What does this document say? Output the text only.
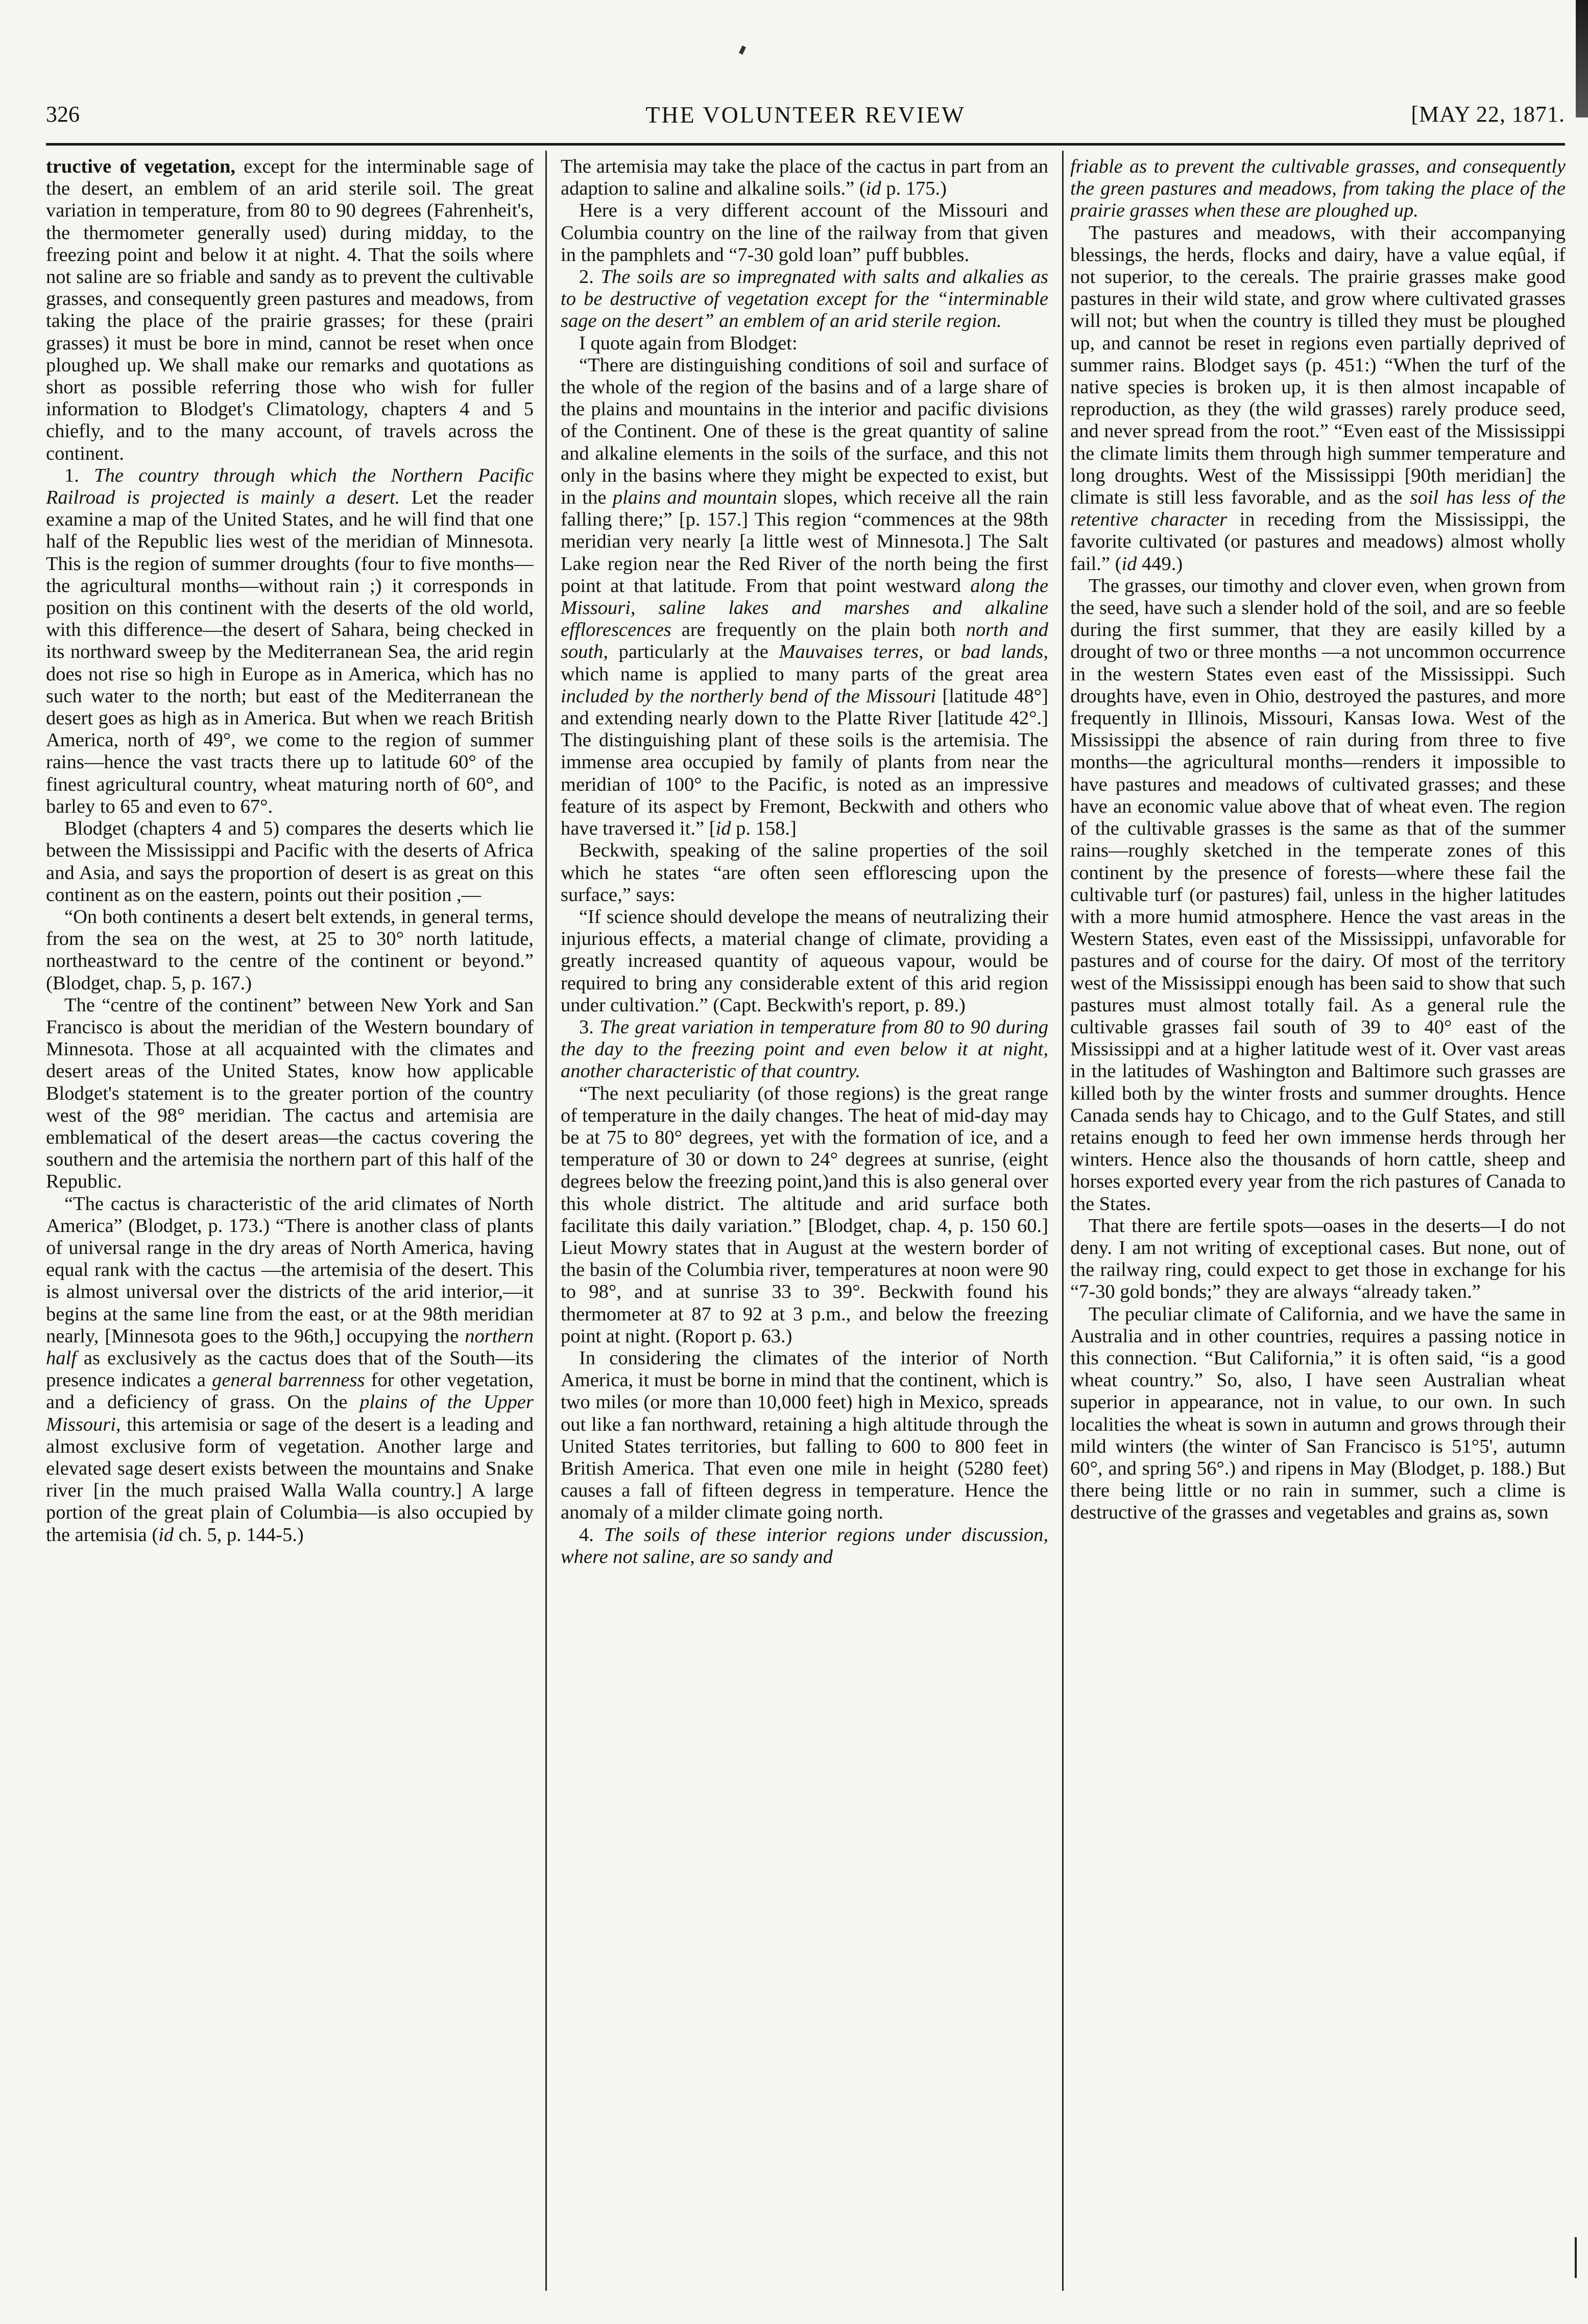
326	THE VOLUNTEER REVIEW	[MAY 22, 1871.

tructive of vegetation, except for the interminable sage of the desert, an emblem of an arid sterile soil. The great variation in temperature, from 80 to 90 degrees (Fahrenheit's, the thermometer generally used) during midday, to the freezing point and below it at night. 4. That the soils where not saline are so friable and sandy as to prevent the cultivable grasses, and consequently green pastures and meadows, from taking the place of the prairie grasses; for these (prairi grasses) it must be bore in mind, cannot be reset when once ploughed up. We shall make our remarks and quotations as short as possible referring those who wish for fuller information to Blodget's Climatology, chapters 4 and 5 chiefly, and to the many account, of travels across the continent.

1. The country through which the Northern Pacific Railroad is projected is mainly a desert. Let the reader examine a map of the United States, and he will find that one half of the Republic lies west of the meridian of Minnesota. This is the region of summer droughts (four to five months—the agricultural months—without rain ;) it corresponds in position on this continent with the deserts of the old world, with this difference—the desert of Sahara, being checked in its northward sweep by the Mediterranean Sea, the arid regin does not rise so high in Europe as in America, which has no such water to the north; but east of the Mediterranean the desert goes as high as in America. But when we reach British America, north of 49°, we come to the region of summer rains—hence the vast tracts there up to latitude 60° of the finest agricultural country, wheat maturing north of 60°, and barley to 65 and even to 67°.

Blodget (chapters 4 and 5) compares the deserts which lie between the Mississippi and Pacific with the deserts of Africa and Asia, and says the proportion of desert is as great on this continent as on the eastern, points out their position ,—

“On both continents a desert belt extends, in general terms, from the sea on the west, at 25 to 30° north latitude, northeastward to the centre of the continent or beyond.” (Blodget, chap. 5, p. 167.)

The “centre of the continent” between New York and San Francisco is about the meridian of the Western boundary of Minnesota. Those at all acquainted with the climates and desert areas of the United States, know how applicable Blodget's statement is to the greater portion of the country west of the 98° meridian. The cactus and artemisia are emblematical of the desert areas—the cactus covering the southern and the artemisia the northern part of this half of the Republic.

“The cactus is characteristic of the arid climates of North America” (Blodget, p. 173.) “There is another class of plants of universal range in the dry areas of North America, having equal rank with the cactus —the artemisia of the desert. This is almost universal over the districts of the arid interior,—it begins at the same line from the east, or at the 98th meridian nearly, [Minnesota goes to the 96th,] occupying the northern half as exclusively as the cactus does that of the South—its presence indicates a general barrenness for other vegetation, and a deficiency of grass. On the plains of the Upper Missouri, this artemisia or sage of the desert is a leading and almost exclusive form of vegetation. Another large and elevated sage desert exists between the mountains and Snake river [in the much praised Walla Walla country.] A large portion of the great plain of Columbia—is also occupied by the artemisia (id ch. 5, p. 144-5.)

The artemisia may take the place of the cactus in part from an adaption to saline and alkaline soils.” (id p. 175.)

Here is a very different account of the Missouri and Columbia country on the line of the railway from that given in the pamphlets and “7-30 gold loan” puff bubbles.

2. The soils are so impregnated with salts and alkalies as to be destructive of vegetation except for the “interminable sage on the desert” an emblem of an arid sterile region.

I quote again from Blodget:

“There are distinguishing conditions of soil and surface of the whole of the region of the basins and of a large share of the plains and mountains in the interior and pacific divisions of the Continent. One of these is the great quantity of saline and alkaline elements in the soils of the surface, and this not only in the basins where they might be expected to exist, but in the plains and mountain slopes, which receive all the rain falling there;” [p. 157.] This region “commences at the 98th meridian very nearly [a little west of Minnesota.] The Salt Lake region near the Red River of the north being the first point at that latitude. From that point westward along the Missouri, saline lakes and marshes and alkaline efflorescences are frequently on the plain both north and south, particularly at the Mauvaises terres, or bad lands, which name is applied to many parts of the great area included by the northerly bend of the Missouri [latitude 48°] and extending nearly down to the Platte River [latitude 42°.] The distinguishing plant of these soils is the artemisia. The immense area occupied by family of plants from near the meridian of 100° to the Pacific, is noted as an impressive feature of its aspect by Fremont, Beckwith and others who have traversed it.” [id p. 158.]

Beckwith, speaking of the saline properties of the soil which he states “are often seen efflorescing upon the surface,” says:

“If science should develope the means of neutralizing their injurious effects, a material change of climate, providing a greatly increased quantity of aqueous vapour, would be required to bring any considerable extent of this arid region under cultivation.” (Capt. Beckwith's report, p. 89.)

3. The great variation in temperature from 80 to 90 during the day to the freezing point and even below it at night, another characteristic of that country.

“The next peculiarity (of those regions) is the great range of temperature in the daily changes. The heat of mid-day may be at 75 to 80° degrees, yet with the formation of ice, and a temperature of 30 or down to 24° degrees at sunrise, (eight degrees below the freezing point,)and this is also general over this whole district. The altitude and arid surface both facilitate this daily variation.” [Blodget, chap. 4, p. 150 60.] Lieut Mowry states that in August at the western border of the basin of the Columbia river, temperatures at noon were 90 to 98°, and at sunrise 33 to 39°. Beckwith found his thermometer at 87 to 92 at 3 p.m., and below the freezing point at night. (Roport p. 63.)

In considering the climates of the interior of North America, it must be borne in mind that the continent, which is two miles (or more than 10,000 feet) high in Mexico, spreads out like a fan northward, retaining a high altitude through the United States territories, but falling to 600 to 800 feet in British America. That even one mile in height (5280 feet) causes a fall of fifteen degress in temperature. Hence the anomaly of a milder climate going north.

4. The soils of these interior regions under discussion, where not saline, are so sandy and

friable as to prevent the cultivable grasses, and consequently the green pastures and meadows, from taking the place of the prairie grasses when these are ploughed up.

The pastures and meadows, with their accompanying blessings, the herds, flocks and dairy, have a value eqûal, if not superior, to the cereals. The prairie grasses make good pastures in their wild state, and grow where cultivated grasses will not; but when the country is tilled they must be ploughed up, and cannot be reset in regions even partially deprived of summer rains. Blodget says (p. 451:) “When the turf of the native species is broken up, it is then almost incapable of reproduction, as they (the wild grasses) rarely produce seed, and never spread from the root.” “Even east of the Mississippi the climate limits them through high summer temperature and long droughts. West of the Mississippi [90th meridian] the climate is still less favorable, and as the soil has less of the retentive character in receding from the Mississippi, the favorite cultivated (or pastures and meadows) almost wholly fail.” (id 449.)

The grasses, our timothy and clover even, when grown from the seed, have such a slender hold of the soil, and are so feeble during the first summer, that they are easily killed by a drought of two or three months —a not uncommon occurrence in the western States even east of the Mississippi. Such droughts have, even in Ohio, destroyed the pastures, and more frequently in Illinois, Missouri, Kansas Iowa. West of the Mississippi the absence of rain during from three to five months—the agricultural months—renders it impossible to have pastures and meadows of cultivated grasses; and these have an economic value above that of wheat even. The region of the cultivable grasses is the same as that of the summer rains—roughly sketched in the temperate zones of this continent by the presence of forests—where these fail the cultivable turf (or pastures) fail, unless in the higher latitudes with a more humid atmosphere. Hence the vast areas in the Western States, even east of the Mississippi, unfavorable for pastures and of course for the dairy. Of most of the territory west of the Mississippi enough has been said to show that such pastures must almost totally fail. As a general rule the cultivable grasses fail south of 39 to 40° east of the Mississippi and at a higher latitude west of it. Over vast areas in the latitudes of Washington and Baltimore such grasses are killed both by the winter frosts and summer droughts. Hence Canada sends hay to Chicago, and to the Gulf States, and still retains enough to feed her own immense herds through her winters. Hence also the thousands of horn cattle, sheep and horses exported every year from the rich pastures of Canada to the States.

That there are fertile spots—oases in the deserts—I do not deny. I am not writing of exceptional cases. But none, out of the railway ring, could expect to get those in exchange for his “7-30 gold bonds;” they are always “already taken.”

The peculiar climate of California, and we have the same in Australia and in other countries, requires a passing notice in this connection. “But California,” it is often said, “is a good wheat country.” So, also, I have seen Australian wheat superior in appearance, not in value, to our own. In such localities the wheat is sown in autumn and grows through their mild winters (the winter of San Francisco is 51°5', autumn 60°, and spring 56°.) and ripens in May (Blodget, p. 188.) But there being little or no rain in summer, such a clime is destructive of the grasses and vegetables and grains as, sown
